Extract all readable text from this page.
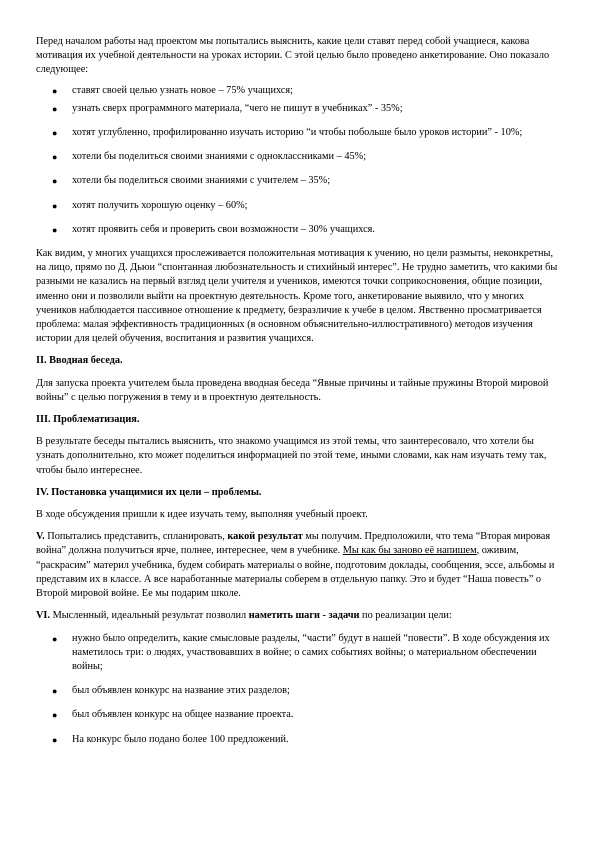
Перед началом работы над проектом мы попытались выяснить, какие цели ставят перед собой учащиеся, какова мотивация их учебной деятельности на уроках истории. С этой целью было проведено анкетирование. Оно показало следующее:

● ставят своей целью узнать новое – 75% учащихся;
● узнать сверх программного материала, “чего не пишут в учебниках” - 35%;
● хотят углубленно, профилированно изучать историю “и чтобы побольше было уроков истории” - 10%;
● хотели бы поделиться своими знаниями с одноклассниками – 45%;
● хотели бы поделиться своими знаниями с учителем – 35%;
● хотят получить хорошую оценку – 60%;
● хотят проявить себя и проверить свои возможности – 30% учащихся.

Как видим, у многих учащихся прослеживается положительная мотивация к учению, но цели размыты, неконкретны, на лицо, прямо по Д. Дьюи “спонтанная любознательность и стихийный интерес”. Не трудно заметить, что какими бы разными не казались на первый взгляд цели учителя и учеников, имеются точки соприкосновения, общие позиции, именно они и позволили выйти на проектную деятельность. Кроме того, анкетирование выявило, что у многих учеников наблюдается пассивное отношение к предмету, безразличие к учебе в целом. Явственно просматривается проблема: малая эффективность традиционных (в основном объяснительно-иллюстративного) методов изучения истории для целей обучения, воспитания и развития учащихся.

II. Вводная беседа.

Для запуска проекта учителем была проведена вводная беседа “Явные причины и тайные пружины Второй мировой войны” с целью погружения в тему и в проектную деятельность.

III. Проблематизация.

В результате беседы пытались выяснить, что знакомо учащимся из этой темы, что заинтересовало, что хотели бы узнать дополнительно, кто может поделиться информацией по этой теме, иными словами, как нам изучать тему так, чтобы было интереснее.

IV. Постановка учащимися их цели – проблемы.

В ходе обсуждения пришли к идее изучать тему, выполняя учебный проект.

V. Попытались представить, спланировать, какой результат мы получим. Предположили, что тема “Вторая мировая война” должна получиться ярче, полнее, интереснее, чем в учебнике. Мы как бы заново её напишем, оживим, “раскрасим” материл учебника, будем собирать материалы о войне, подготовим доклады, сообщения, эссе, альбомы и представим их в классе. А все наработанные материалы соберем в отдельную папку. Это и будет “Наша повесть” о Второй мировой войне. Ее мы подарим школе.

VI. Мысленный, идеальный результат позволил наметить шаги - задачи по реализации цели:

● нужно было определить, какие смысловые разделы, “части” будут в нашей “повести”. В ходе обсуждения их наметилось три: о людях, участвовавших в войне; о самих событиях войны; о материальном обеспечении войны;
● был объявлен конкурс на название этих разделов;
● был объявлен конкурс на общее название проекта.
● На конкурс было подано более 100 предложений.
